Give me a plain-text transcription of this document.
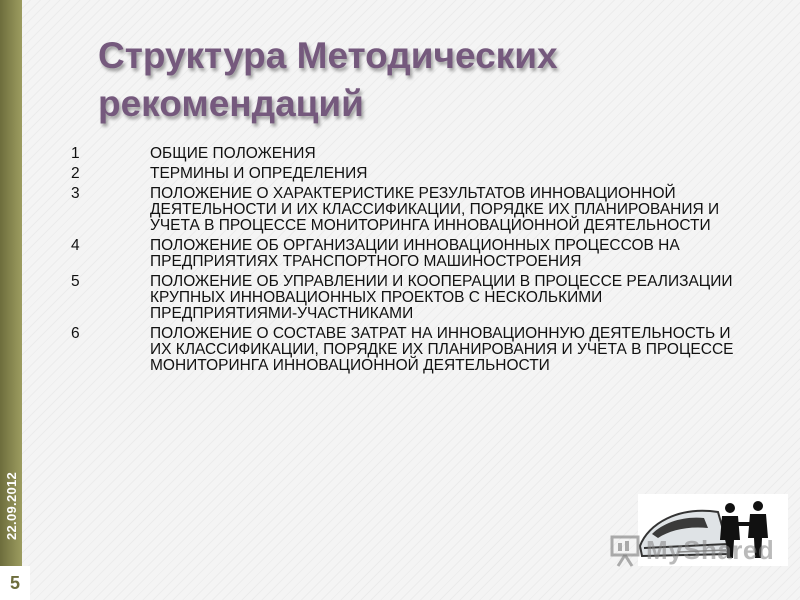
22.09.2012
5
Структура Методических рекомендаций
1	ОБЩИЕ ПОЛОЖЕНИЯ
2	ТЕРМИНЫ И ОПРЕДЕЛЕНИЯ
3	ПОЛОЖЕНИЕ О ХАРАКТЕРИСТИКЕ РЕЗУЛЬТАТОВ ИННОВАЦИОННОЙ ДЕЯТЕЛЬНОСТИ И ИХ КЛАССИФИКАЦИИ, ПОРЯДКЕ ИХ ПЛАНИРОВАНИЯ И УЧЕТА В ПРОЦЕССЕ МОНИТОРИНГА ИННОВАЦИОННОЙ ДЕЯТЕЛЬНОСТИ
4	ПОЛОЖЕНИЕ ОБ ОРГАНИЗАЦИИ ИННОВАЦИОННЫХ ПРОЦЕССОВ НА ПРЕДПРИЯТИЯХ ТРАНСПОРТНОГО МАШИНОСТРОЕНИЯ
5	ПОЛОЖЕНИЕ ОБ УПРАВЛЕНИИ И КООПЕРАЦИИ В ПРОЦЕССЕ РЕАЛИЗАЦИИ КРУПНЫХ ИННОВАЦИОННЫХ ПРОЕКТОВ С НЕСКОЛЬКИМИ ПРЕДПРИЯТИЯМИ-УЧАСТНИКАМИ
6	ПОЛОЖЕНИЕ О СОСТАВЕ ЗАТРАТ НА ИННОВАЦИОННУЮ ДЕЯТЕЛЬНОСТЬ И ИХ КЛАССИФИКАЦИИ, ПОРЯДКЕ ИХ ПЛАНИРОВАНИЯ И УЧЕТА В ПРОЦЕССЕ МОНИТОРИНГА ИННОВАЦИОННОЙ ДЕЯТЕЛЬНОСТИ
MyShared
